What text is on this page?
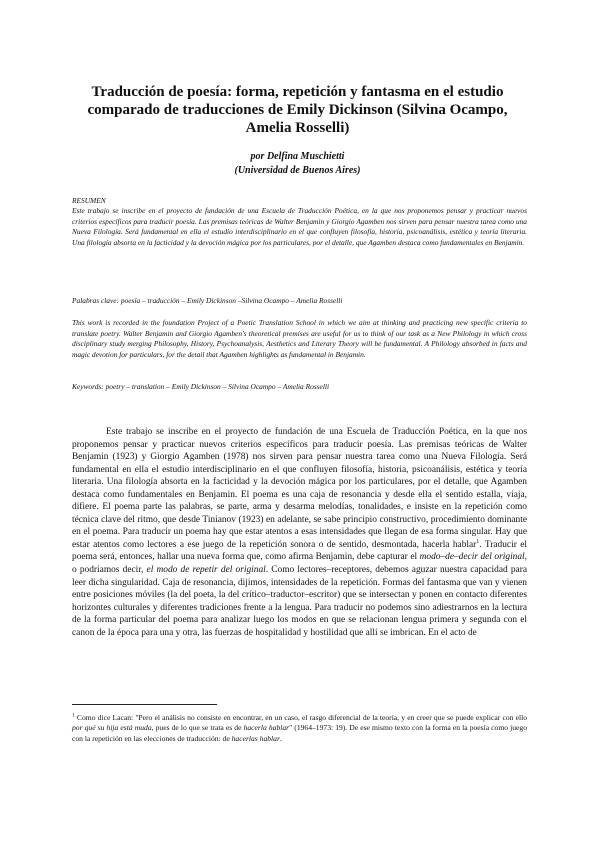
Traducción de poesía: forma, repetición y fantasma en el estudio comparado de traducciones de Emily Dickinson (Silvina Ocampo, Amelia Rosselli)
por Delfina Muschietti
(Universidad de Buenos Aires)
RESUMEN
Este trabajo se inscribe en el proyecto de fundación de una Escuela de Traducción Poética, en la que nos proponemos pensar y practicar nuevos criterios específicos para traducir poesía. Las premisas teóricas de Walter Benjamin y Giorgio Agamben nos sirven para pensar nuestra tarea como una Nueva Filología. Será fundamental en ella el estudio interdisciplinario en el que confluyen filosofía, historia, psicoanálisis, estética y teoría literaria. Una filología absorta en la facticidad y la devoción mágica por los particulares, por el detalle, que Agamben destaca como fundamentales en Benjamin.
Palabras clave: poesía – traducción – Emily Dickinson –Silvina Ocampo – Amelia Rosselli
This work is recorded in the foundation Project of a Poetic Translation School in which we aim at thinking and practicing new specific criteria to translate poetry. Walter Benjamin and Giorgio Agamben's theoretical premises are useful for us to think of our task as a New Philology in which cross disciplinary study merging Philosophy, History, Psychoanalysis, Aesthetics and Literary Theory will be fundamental. A Philology absorbed in facts and magic devotion for particulars, for the detail that Agamben highlights as fundamental in Benjamin.
Keywords: poetry – translation – Emily Dickinson – Silvina Ocampo – Amelia Rosselli

Este trabajo se inscribe en el proyecto de fundación de una Escuela de Traducción Poética, en la que nos proponemos pensar y practicar nuevos criterios específicos para traducir poesía. Las premisas teóricas de Walter Benjamin (1923) y Giorgio Agamben (1978) nos sirven para pensar nuestra tarea como una Nueva Filología. Será fundamental en ella el estudio interdisciplinario en el que confluyen filosofía, historia, psicoanálisis, estética y teoría literaria. Una filología absorta en la facticidad y la devoción mágica por los particulares, por el detalle, que Agamben destaca como fundamentales en Benjamin. El poema es una caja de resonancia y desde ella el sentido estalla, viaja, difiere. El poema parte las palabras, se parte, arma y desarma melodías, tonalidades, e insiste en la repetición como técnica clave del ritmo, que desde Tinianov (1923) en adelante, se sabe principio constructivo, procedimiento dominante en el poema. Para traducir un poema hay que estar atentos a esas intensidades que llegan de esa forma singular. Hay que estar atentos como lectores a ese juego de la repetición sonora o de sentido, desmontada, hacerla hablar$^1$. Traducir el poema será, entonces, hallar una nueva forma que, como afirma Benjamin, debe capturar el modo–de–decir del original, o podríamos decir, el modo de repetir del original. Como lectores–receptores, debemos aguzar nuestra capacidad para leer dicha singularidad. Caja de resonancia, dijimos, intensidades de la repetición. Formas del fantasma que van y vienen entre posiciones móviles (la del poeta, la del crítico–traductor–escritor) que se intersectan y ponen en contacto diferentes horizontes culturales y diferentes tradiciones frente a la lengua. Para traducir no podemos sino adiestrarnos en la lectura de la forma particular del poema para analizar luego los modos en que se relacionan lengua primera y segunda con el canon de la época para una y otra, las fuerzas de hospitalidad y hostilidad que allí se imbrican. En el acto de

$^1$ Como dice Lacan: "Pero el análisis no consiste en encontrar, en un caso, el rasgo diferencial de la teoría, y en creer que se puede explicar con ello por qué su hija está muda, pues de lo que se trata es de hacerla hablar" (1964–1973: 19). De ese mismo texto con la forma en la poesía como juego con la repetición en las elecciones de traducción: de hacerlas hablar.
